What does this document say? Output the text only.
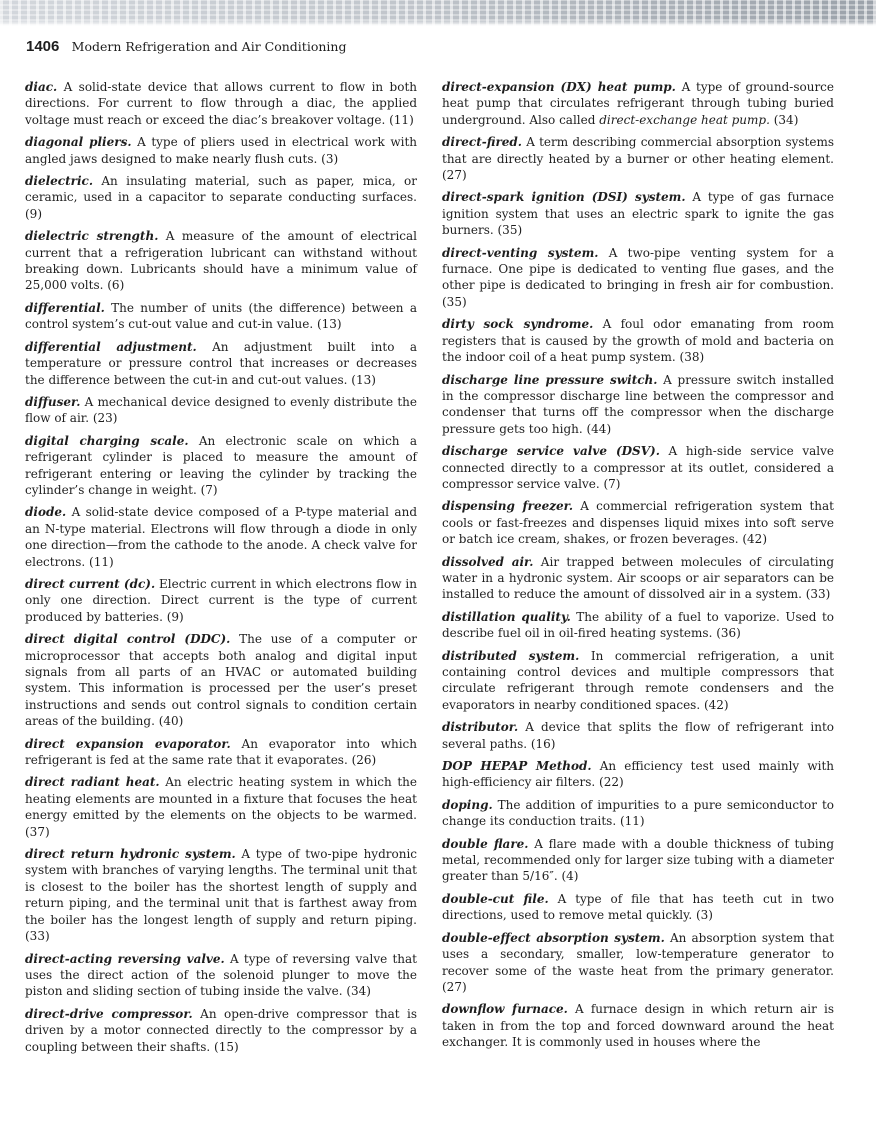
1406 Modern Refrigeration and Air Conditioning

diac. A solid-state device that allows current to flow in both directions. For current to flow through a diac, the applied voltage must reach or exceed the diac’s breakover voltage. (11)

diagonal pliers. A type of pliers used in electrical work with angled jaws designed to make nearly flush cuts. (3)

dielectric. An insulating material, such as paper, mica, or ceramic, used in a capacitor to separate conducting surfaces. (9)

dielectric strength. A measure of the amount of electrical current that a refrigeration lubricant can withstand without breaking down. Lubricants should have a minimum value of 25,000 volts. (6)

differential. The number of units (the difference) between a control system’s cut-out value and cut-in value. (13)

differential adjustment. An adjustment built into a temperature or pressure control that increases or decreases the difference between the cut-in and cut-out values. (13)

diffuser. A mechanical device designed to evenly distribute the flow of air. (23)

digital charging scale. An electronic scale on which a refrigerant cylinder is placed to measure the amount of refrigerant entering or leaving the cylinder by tracking the cylinder’s change in weight. (7)

diode. A solid-state device composed of a P-type material and an N-type material. Electrons will flow through a diode in only one direction—from the cathode to the anode. A check valve for electrons. (11)

direct current (dc). Electric current in which electrons flow in only one direction. Direct current is the type of current produced by batteries. (9)

direct digital control (DDC). The use of a computer or microprocessor that accepts both analog and digital input signals from all parts of an HVAC or automated building system. This information is processed per the user’s preset instructions and sends out control signals to condition certain areas of the building. (40)

direct expansion evaporator. An evaporator into which refrigerant is fed at the same rate that it evaporates. (26)

direct radiant heat. An electric heating system in which the heating elements are mounted in a fixture that focuses the heat energy emitted by the elements on the objects to be warmed. (37)

direct return hydronic system. A type of two-pipe hydronic system with branches of varying lengths. The terminal unit that is closest to the boiler has the shortest length of supply and return piping, and the terminal unit that is farthest away from the boiler has the longest length of supply and return piping. (33)

direct-acting reversing valve. A type of reversing valve that uses the direct action of the solenoid plunger to move the piston and sliding section of tubing inside the valve. (34)

direct-drive compressor. An open-drive compressor that is driven by a motor connected directly to the compressor by a coupling between their shafts. (15)

direct-expansion (DX) heat pump. A type of ground-source heat pump that circulates refrigerant through tubing buried underground. Also called direct-exchange heat pump. (34)

direct-fired. A term describing commercial absorption systems that are directly heated by a burner or other heating element. (27)

direct-spark ignition (DSI) system. A type of gas furnace ignition system that uses an electric spark to ignite the gas burners. (35)

direct-venting system. A two-pipe venting system for a furnace. One pipe is dedicated to venting flue gases, and the other pipe is dedicated to bringing in fresh air for combustion. (35)

dirty sock syndrome. A foul odor emanating from room registers that is caused by the growth of mold and bacteria on the indoor coil of a heat pump system. (38)

discharge line pressure switch. A pressure switch installed in the compressor discharge line between the compressor and condenser that turns off the compressor when the discharge pressure gets too high. (44)

discharge service valve (DSV). A high-side service valve connected directly to a compressor at its outlet, considered a compressor service valve. (7)

dispensing freezer. A commercial refrigeration system that cools or fast-freezes and dispenses liquid mixes into soft serve or batch ice cream, shakes, or frozen beverages. (42)

dissolved air. Air trapped between molecules of circulating water in a hydronic system. Air scoops or air separators can be installed to reduce the amount of dissolved air in a system. (33)

distillation quality. The ability of a fuel to vaporize. Used to describe fuel oil in oil-fired heating systems. (36)

distributed system. In commercial refrigeration, a unit containing control devices and multiple compressors that circulate refrigerant through remote condensers and the evaporators in nearby conditioned spaces. (42)

distributor. A device that splits the flow of refrigerant into several paths. (16)

DOP HEPAP Method. An efficiency test used mainly with high-efficiency air filters. (22)

doping. The addition of impurities to a pure semiconductor to change its conduction traits. (11)

double flare. A flare made with a double thickness of tubing metal, recommended only for larger size tubing with a diameter greater than 5/16″. (4)

double-cut file. A type of file that has teeth cut in two directions, used to remove metal quickly. (3)

double-effect absorption system. An absorption system that uses a secondary, smaller, low-temperature generator to recover some of the waste heat from the primary generator. (27)

downflow furnace. A furnace design in which return air is taken in from the top and forced downward around the heat exchanger. It is commonly used in houses where the
